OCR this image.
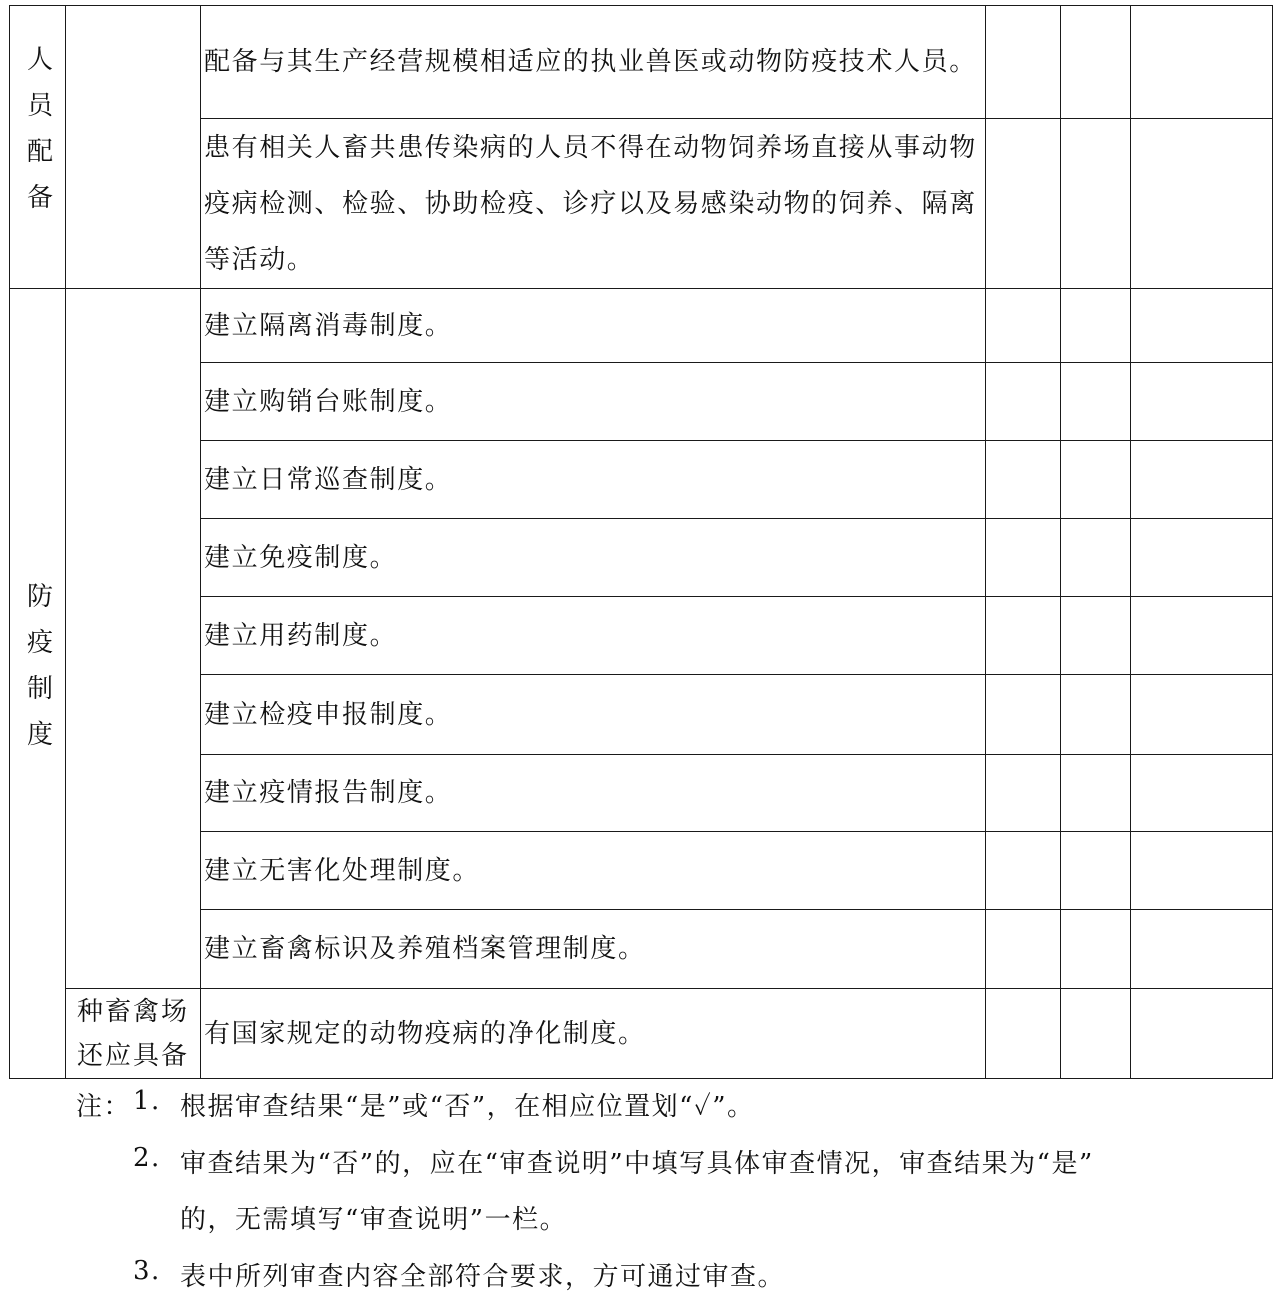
人员配备		配备与其生产经营规模相适应的执业兽医或动物防疫技术人员。			
		患有相关人畜共患传染病的人员不得在动物饲养场直接从事动物疫病检测、检验、协助检疫、诊疗以及易感染动物的饲养、隔离等活动。			
防疫制度		建立隔离消毒制度。			
		建立购销台账制度。			
		建立日常巡查制度。			
		建立免疫制度。			
		建立用药制度。			
		建立检疫申报制度。			
		建立疫情报告制度。			
		建立无害化处理制度。			
		建立畜禽标识及养殖档案管理制度。			
	种畜禽场还应具备	有国家规定的动物疫病的净化制度。			
注： 1. 根据审查结果“是”或“否”，在相应位置划“✓”。
2. 审查结果为“否”的，应在“审查说明”中填写具体审查情况，审查结果为“是”
的，无需填写“审查说明”一栏。
3. 表中所列审查内容全部符合要求，方可通过审查。
